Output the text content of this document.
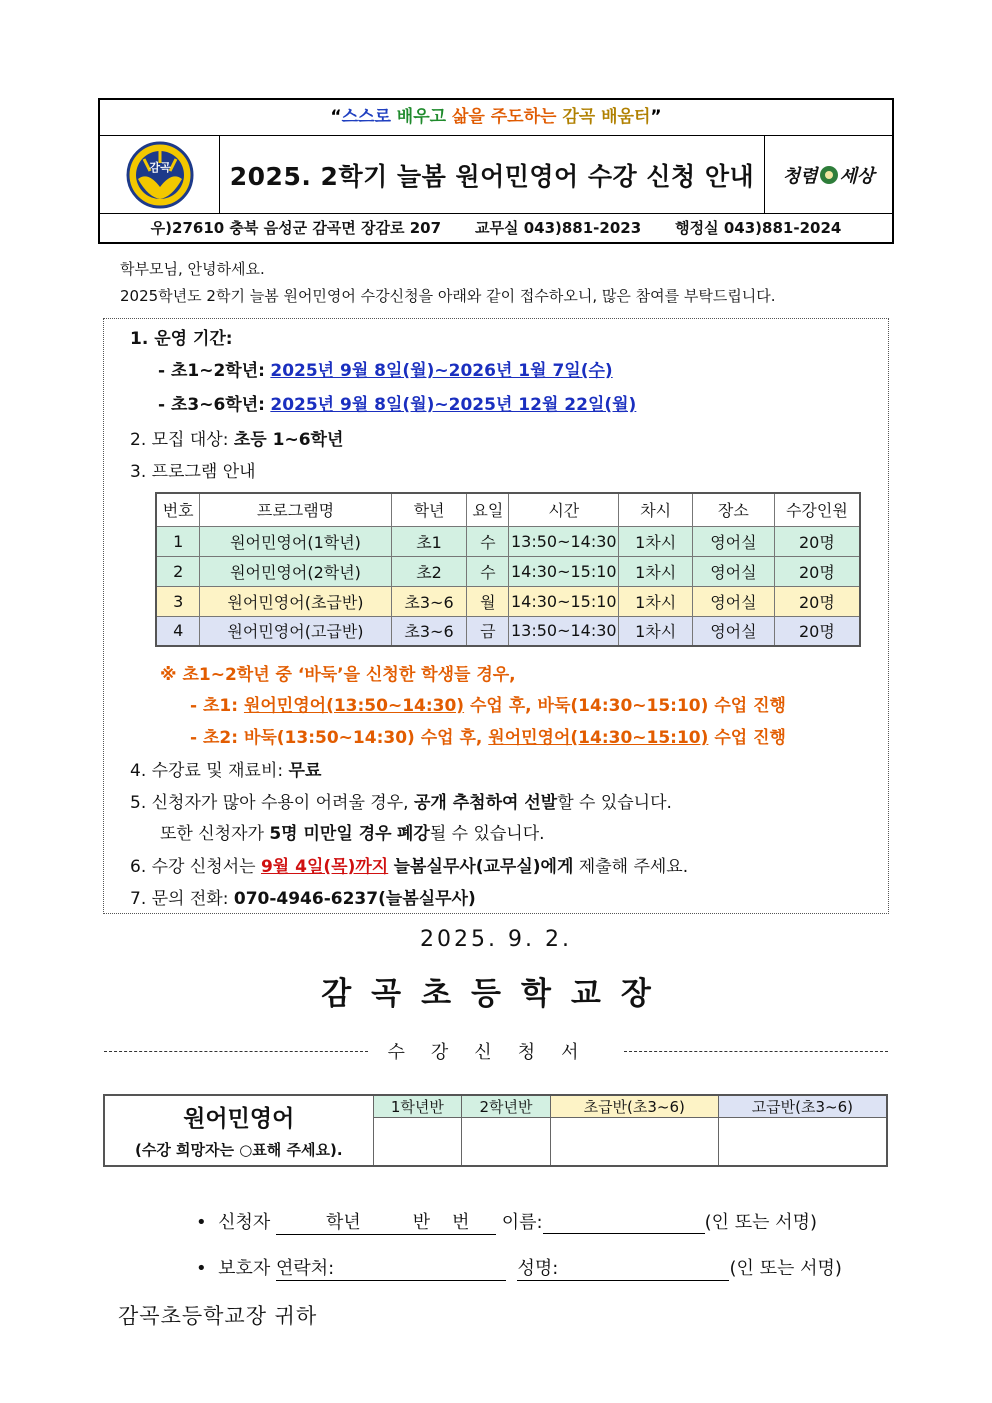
“스스로 배우고 삶을 주도하는 감곡 배움터”
감곡	2025. 2학기 늘봄 원어민영어 수강 신청 안내	청렴 세상
우)27610 충북 음성군 감곡면 장감로 207 교무실 043)881-2023 행정실 043)881-2024
학부모님, 안녕하세요.
2025학년도 2학기 늘봄 원어민영어 수강신청을 아래와 같이 접수하오니, 많은 참여를 부탁드립니다.
1. 운영 기간:
- 초1~2학년: 2025년 9월 8일(월)~2026년 1월 7일(수)
- 초3~6학년: 2025년 9월 8일(월)~2025년 12월 22일(월)
2. 모집 대상: 초등 1~6학년
3. 프로그램 안내
번호	프로그램명	학년	요일	시간	차시	장소	수강인원
1	원어민영어(1학년)	초1	수	13:50~14:30	1차시	영어실	20명
2	원어민영어(2학년)	초2	수	14:30~15:10	1차시	영어실	20명
3	원어민영어(초급반)	초3~6	월	14:30~15:10	1차시	영어실	20명
4	원어민영어(고급반)	초3~6	금	13:50~14:30	1차시	영어실	20명
※ 초1~2학년 중 ‘바둑’을 신청한 학생들 경우,
- 초1: 원어민영어(13:50~14:30) 수업 후, 바둑(14:30~15:10) 수업 진행
- 초2: 바둑(13:50~14:30) 수업 후, 원어민영어(14:30~15:10) 수업 진행
4. 수강료 및 재료비: 무료
5. 신청자가 많아 수용이 어려울 경우, 공개 추첨하여 선발할 수 있습니다.
또한 신청자가 5명 미만일 경우 폐강될 수 있습니다.
6. 수강 신청서는 9월 4일(목)까지 늘봄실무사(교무실)에게 제출해 주세요.
7. 문의 전화: 070-4946-6237(늘봄실무사)
2025. 9. 2.
감곡초등학교장
수강신청서
원어민영어
(수강 희망자는 ○표해 주세요).	1학년반	2학년반	초급반(초3~6)	고급반(초3~6)

• 신청자	학년	반 번 이름:	(인 또는 서명)
• 보호자 연락처:	성명:	(인 또는 서명)
감곡초등학교장 귀하
